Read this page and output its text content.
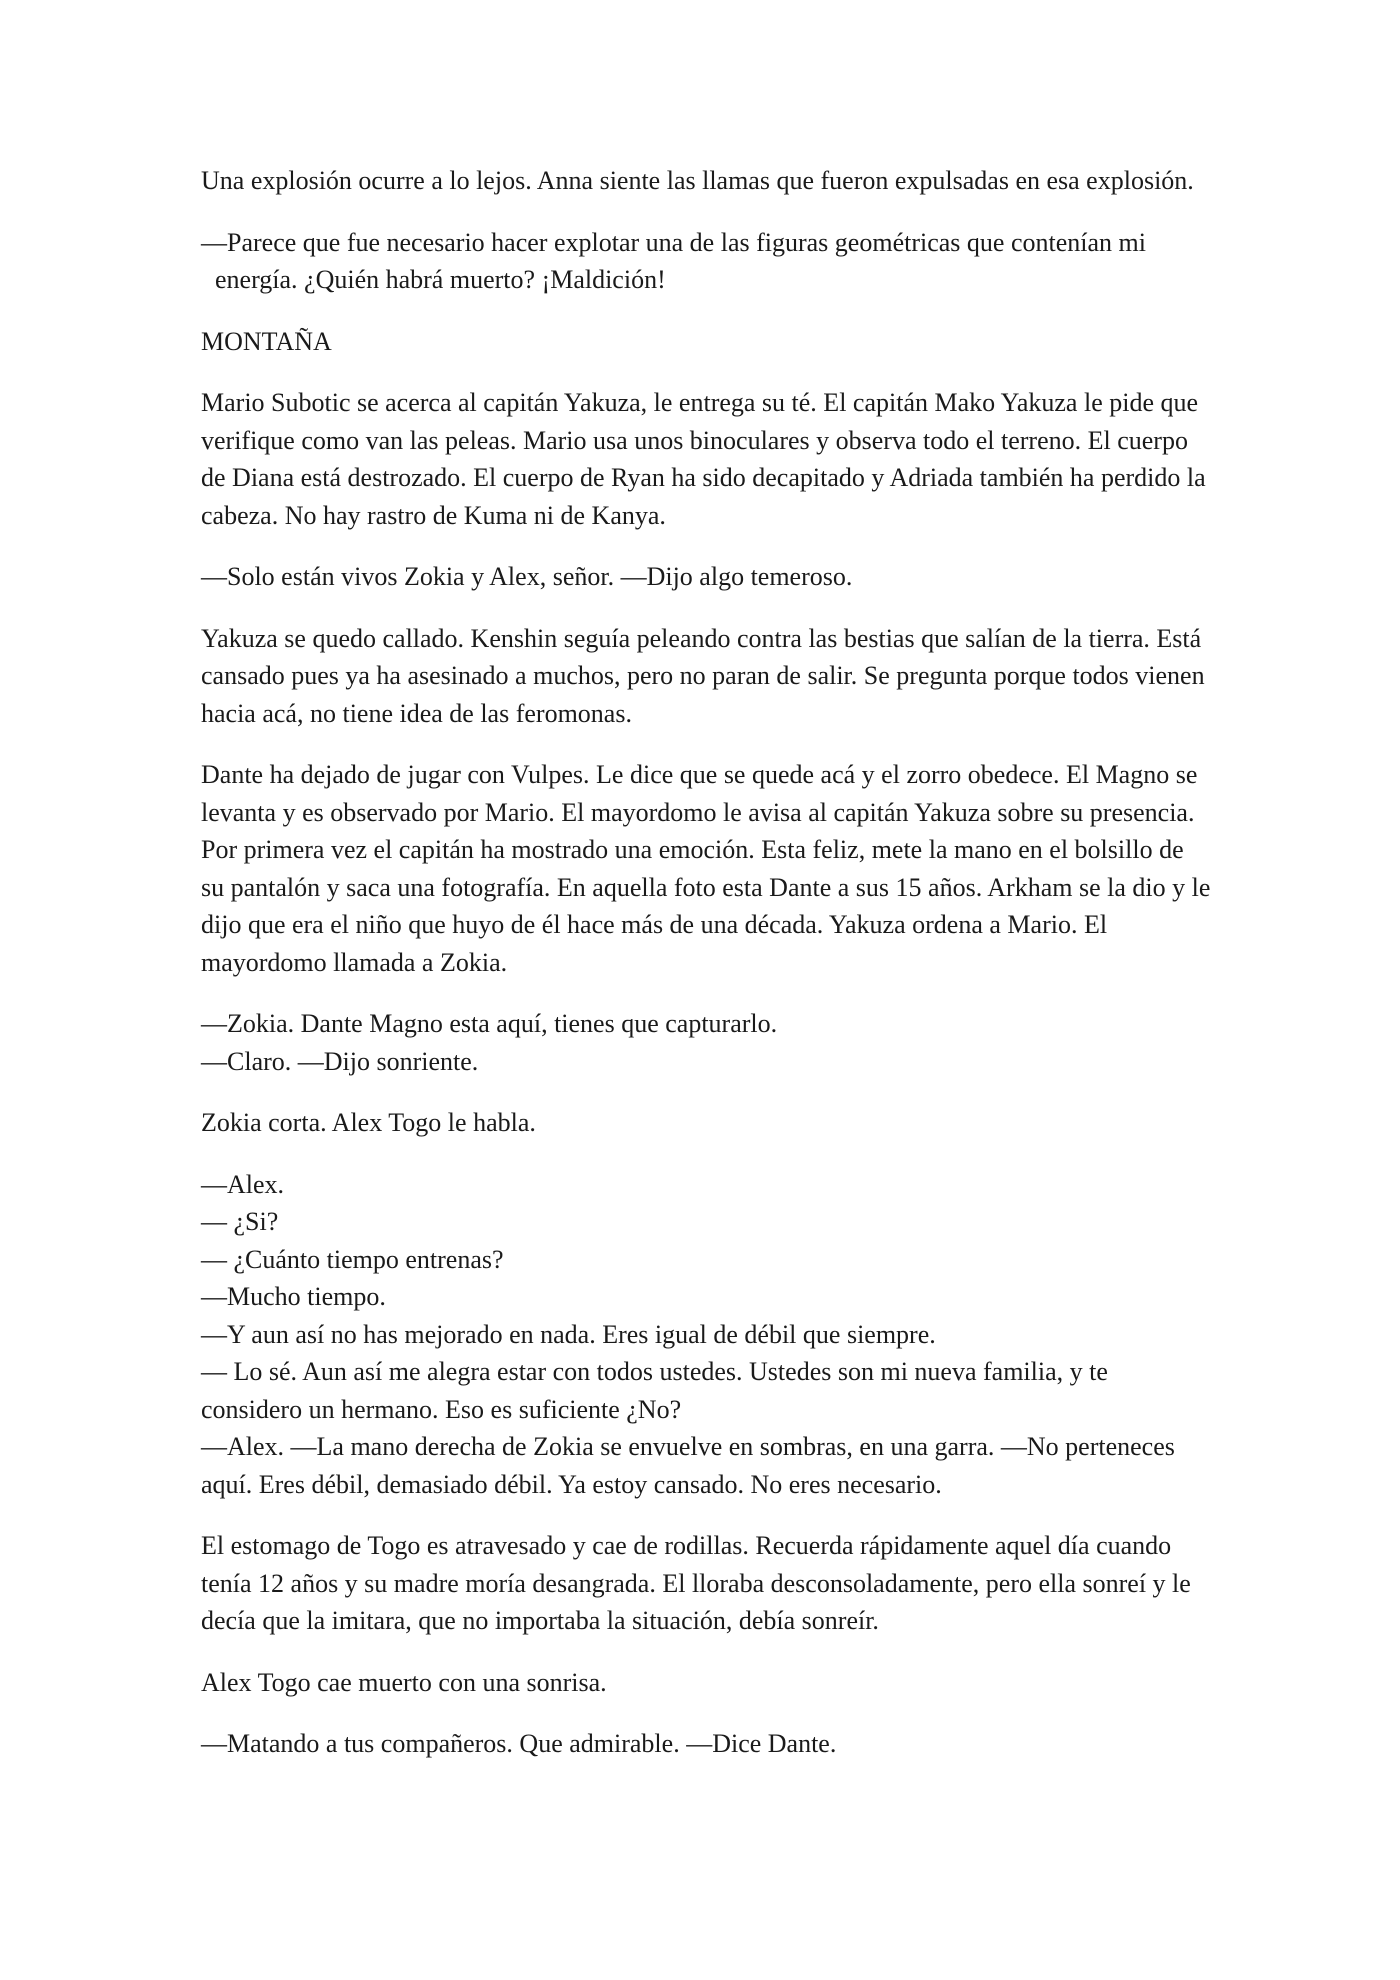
Una explosión ocurre a lo lejos. Anna siente las llamas que fueron expulsadas en esa explosión.

—Parece que fue necesario hacer explotar una de las figuras geométricas que contenían mi energía. ¿Quién habrá muerto? ¡Maldición!

MONTAÑA

Mario Subotic se acerca al capitán Yakuza, le entrega su té. El capitán Mako Yakuza le pide que verifique como van las peleas. Mario usa unos binoculares y observa todo el terreno. El cuerpo de Diana está destrozado. El cuerpo de Ryan ha sido decapitado y Adriada también ha perdido la cabeza. No hay rastro de Kuma ni de Kanya.

—Solo están vivos Zokia y Alex, señor. —Dijo algo temeroso.

Yakuza se quedo callado. Kenshin seguía peleando contra las bestias que salían de la tierra. Está cansado pues ya ha asesinado a muchos, pero no paran de salir. Se pregunta porque todos vienen hacia acá, no tiene idea de las feromonas.

Dante ha dejado de jugar con Vulpes. Le dice que se quede acá y el zorro obedece. El Magno se levanta y es observado por Mario. El mayordomo le avisa al capitán Yakuza sobre su presencia. Por primera vez el capitán ha mostrado una emoción. Esta feliz, mete la mano en el bolsillo de su pantalón y saca una fotografía. En aquella foto esta Dante a sus 15 años. Arkham se la dio y le dijo que era el niño que huyo de él hace más de una década. Yakuza ordena a Mario. El mayordomo llamada a Zokia.

—Zokia. Dante Magno esta aquí, tienes que capturarlo.
—Claro. —Dijo sonriente.

Zokia corta. Alex Togo le habla.

—Alex.
— ¿Si?
— ¿Cuánto tiempo entrenas?
—Mucho tiempo.
—Y aun así no has mejorado en nada. Eres igual de débil que siempre.
— Lo sé. Aun así me alegra estar con todos ustedes. Ustedes son mi nueva familia, y te considero un hermano. Eso es suficiente ¿No?
—Alex. —La mano derecha de Zokia se envuelve en sombras, en una garra. —No perteneces aquí. Eres débil, demasiado débil. Ya estoy cansado. No eres necesario.

El estomago de Togo es atravesado y cae de rodillas. Recuerda rápidamente aquel día cuando tenía 12 años y su madre moría desangrada. El lloraba desconsoladamente, pero ella sonreí y le decía que la imitara, que no importaba la situación, debía sonreír.

Alex Togo cae muerto con una sonrisa.

—Matando a tus compañeros. Que admirable. —Dice Dante.
